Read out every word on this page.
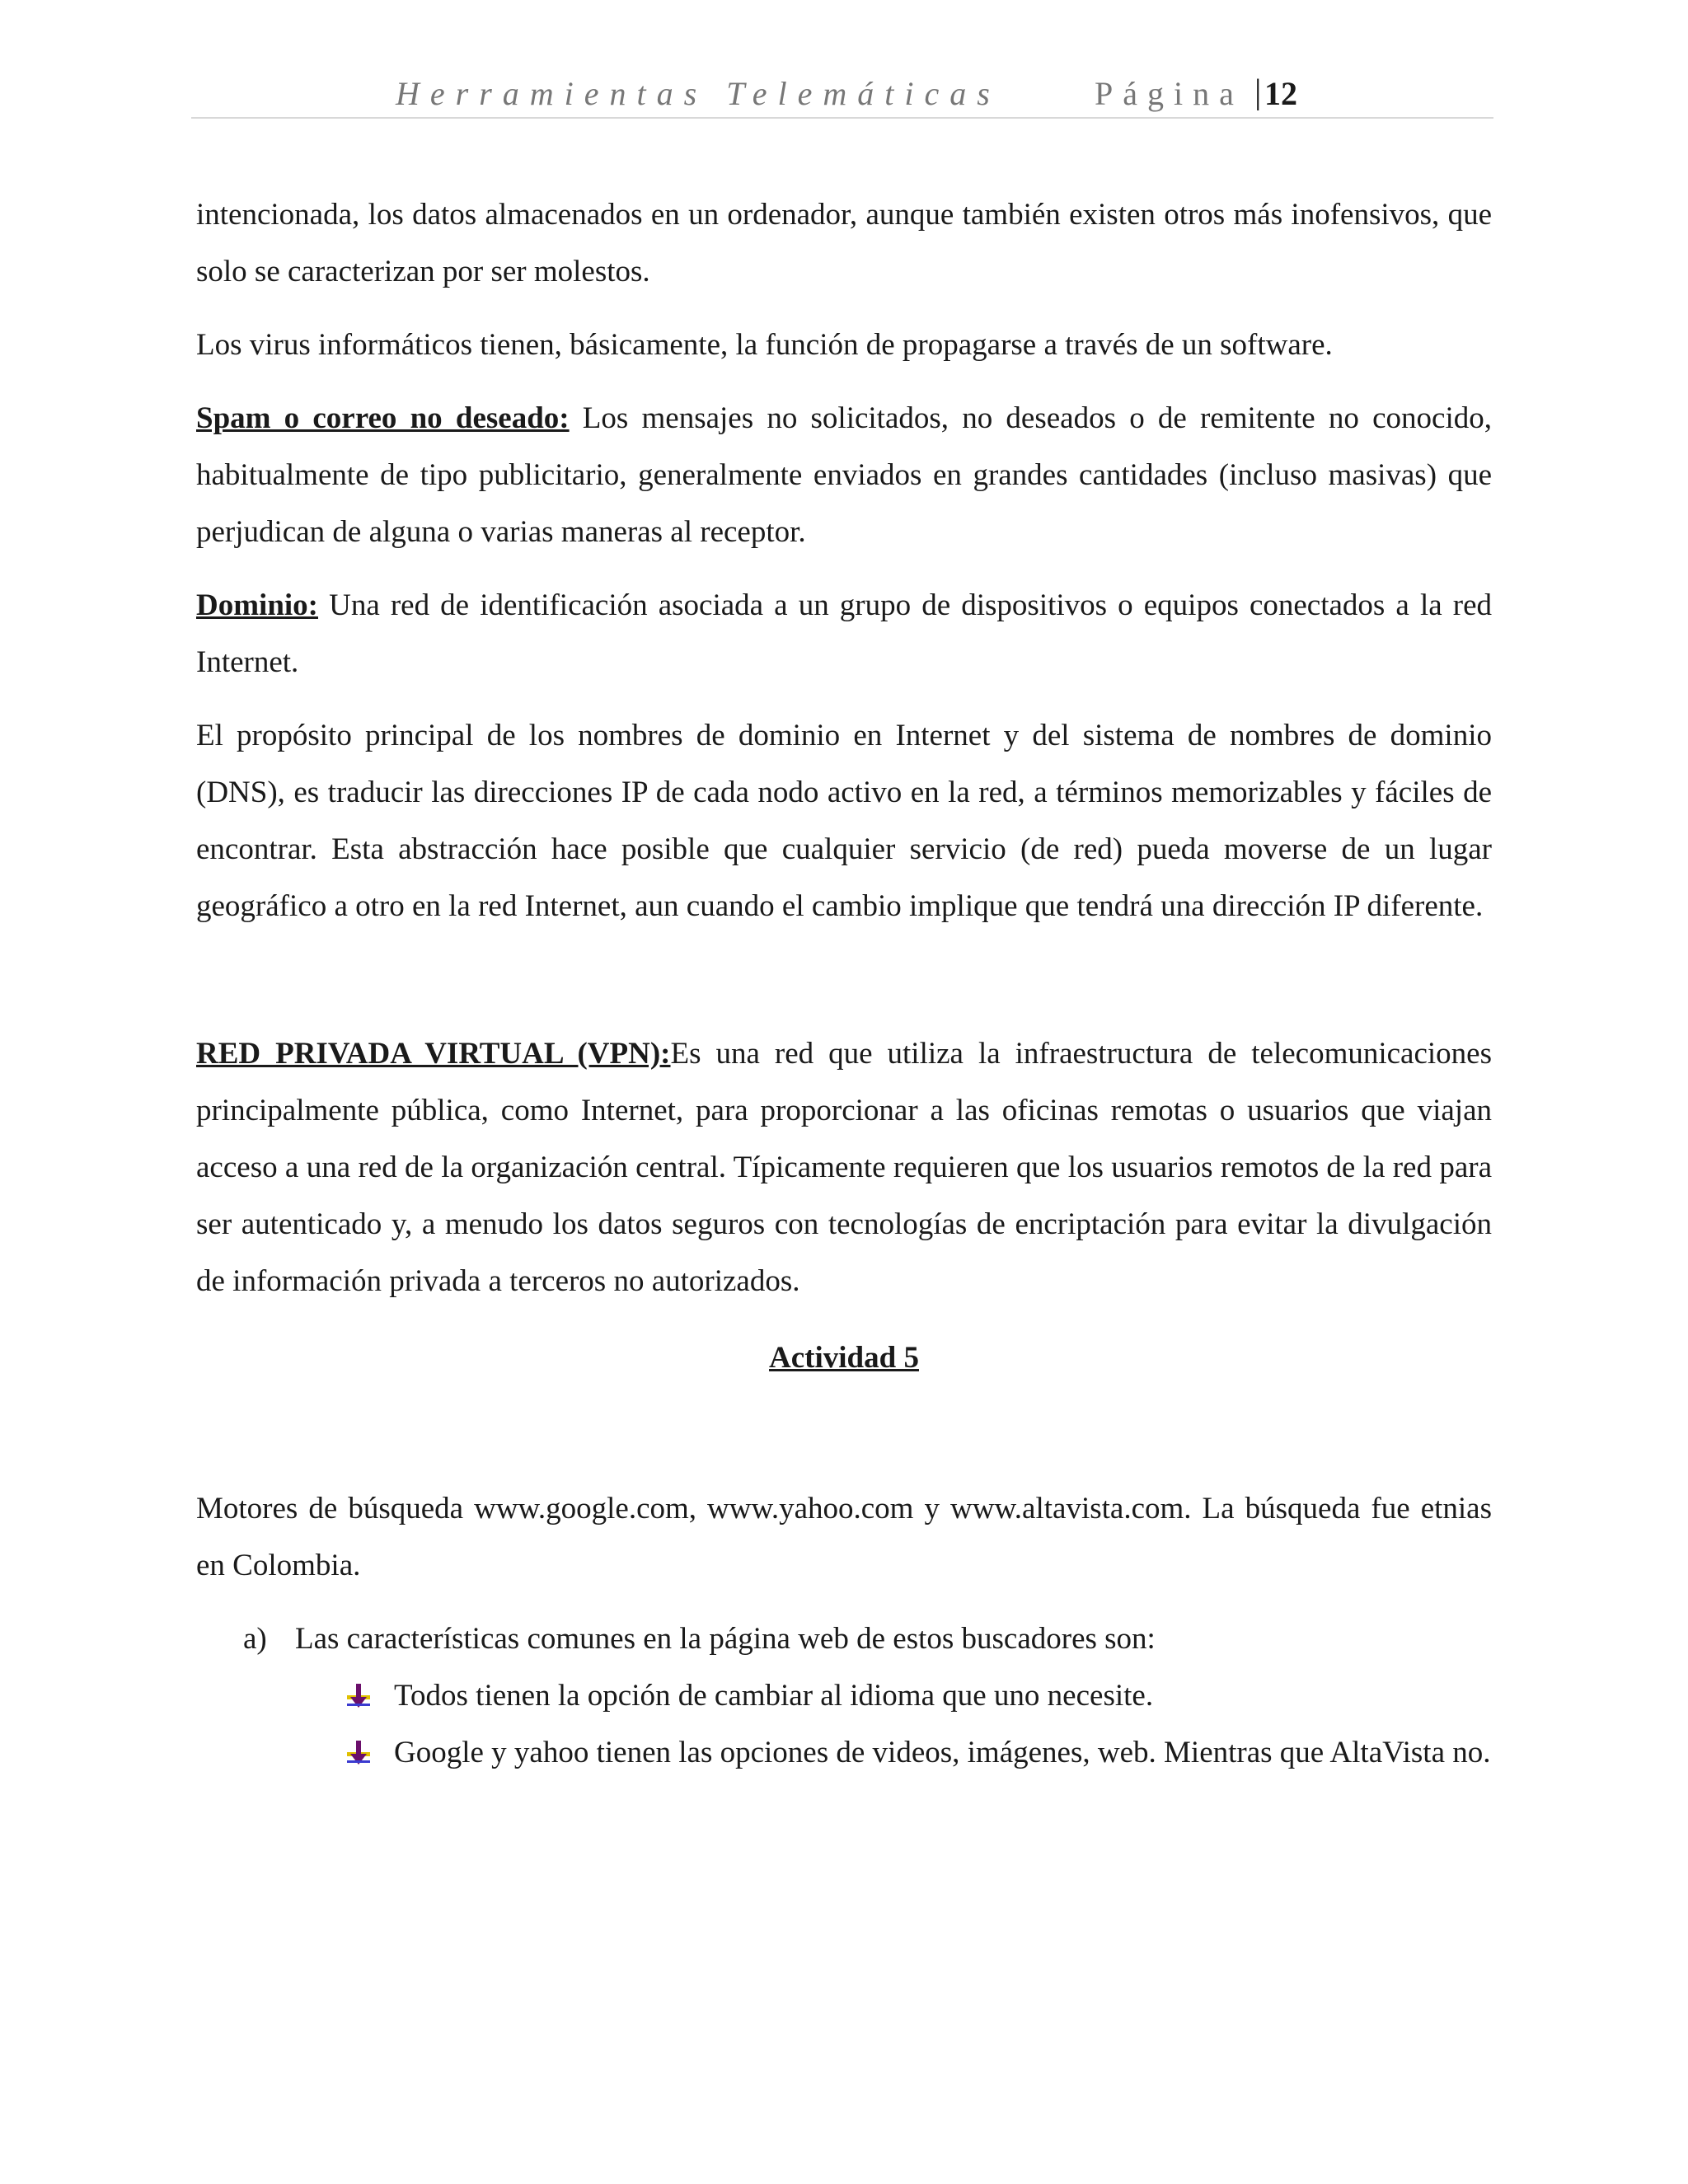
Herramientas Telemáticas	Página | 12

intencionada, los datos almacenados en un ordenador, aunque también existen otros más inofensivos, que solo se caracterizan por ser molestos.

Los virus informáticos tienen, básicamente, la función de propagarse a través de un software.

Spam o correo no deseado: Los mensajes no solicitados, no deseados o de remitente no conocido, habitualmente de tipo publicitario, generalmente enviados en grandes cantidades (incluso masivas) que perjudican de alguna o varias maneras al receptor.

Dominio: Una red de identificación asociada a un grupo de dispositivos o equipos conectados a la red Internet.

El propósito principal de los nombres de dominio en Internet y del sistema de nombres de dominio (DNS), es traducir las direcciones IP de cada nodo activo en la red, a términos memorizables y fáciles de encontrar. Esta abstracción hace posible que cualquier servicio (de red) pueda moverse de un lugar geográfico a otro en la red Internet, aun cuando el cambio implique que tendrá una dirección IP diferente.

RED PRIVADA VIRTUAL (VPN):Es una red que utiliza la infraestructura de telecomunicaciones principalmente pública, como Internet, para proporcionar a las oficinas remotas o usuarios que viajan acceso a una red de la organización central. Típicamente requieren que los usuarios remotos de la red para ser autenticado y, a menudo los datos seguros con tecnologías de encriptación para evitar la divulgación de información privada a terceros no autorizados.

Actividad 5

Motores de búsqueda www.google.com, www.yahoo.com y www.altavista.com. La búsqueda fue etnias en Colombia.

a) Las características comunes en la página web de estos buscadores son:
Todos tienen la opción de cambiar al idioma que uno necesite.
Google y yahoo tienen las opciones de videos, imágenes, web. Mientras que AltaVista no.
